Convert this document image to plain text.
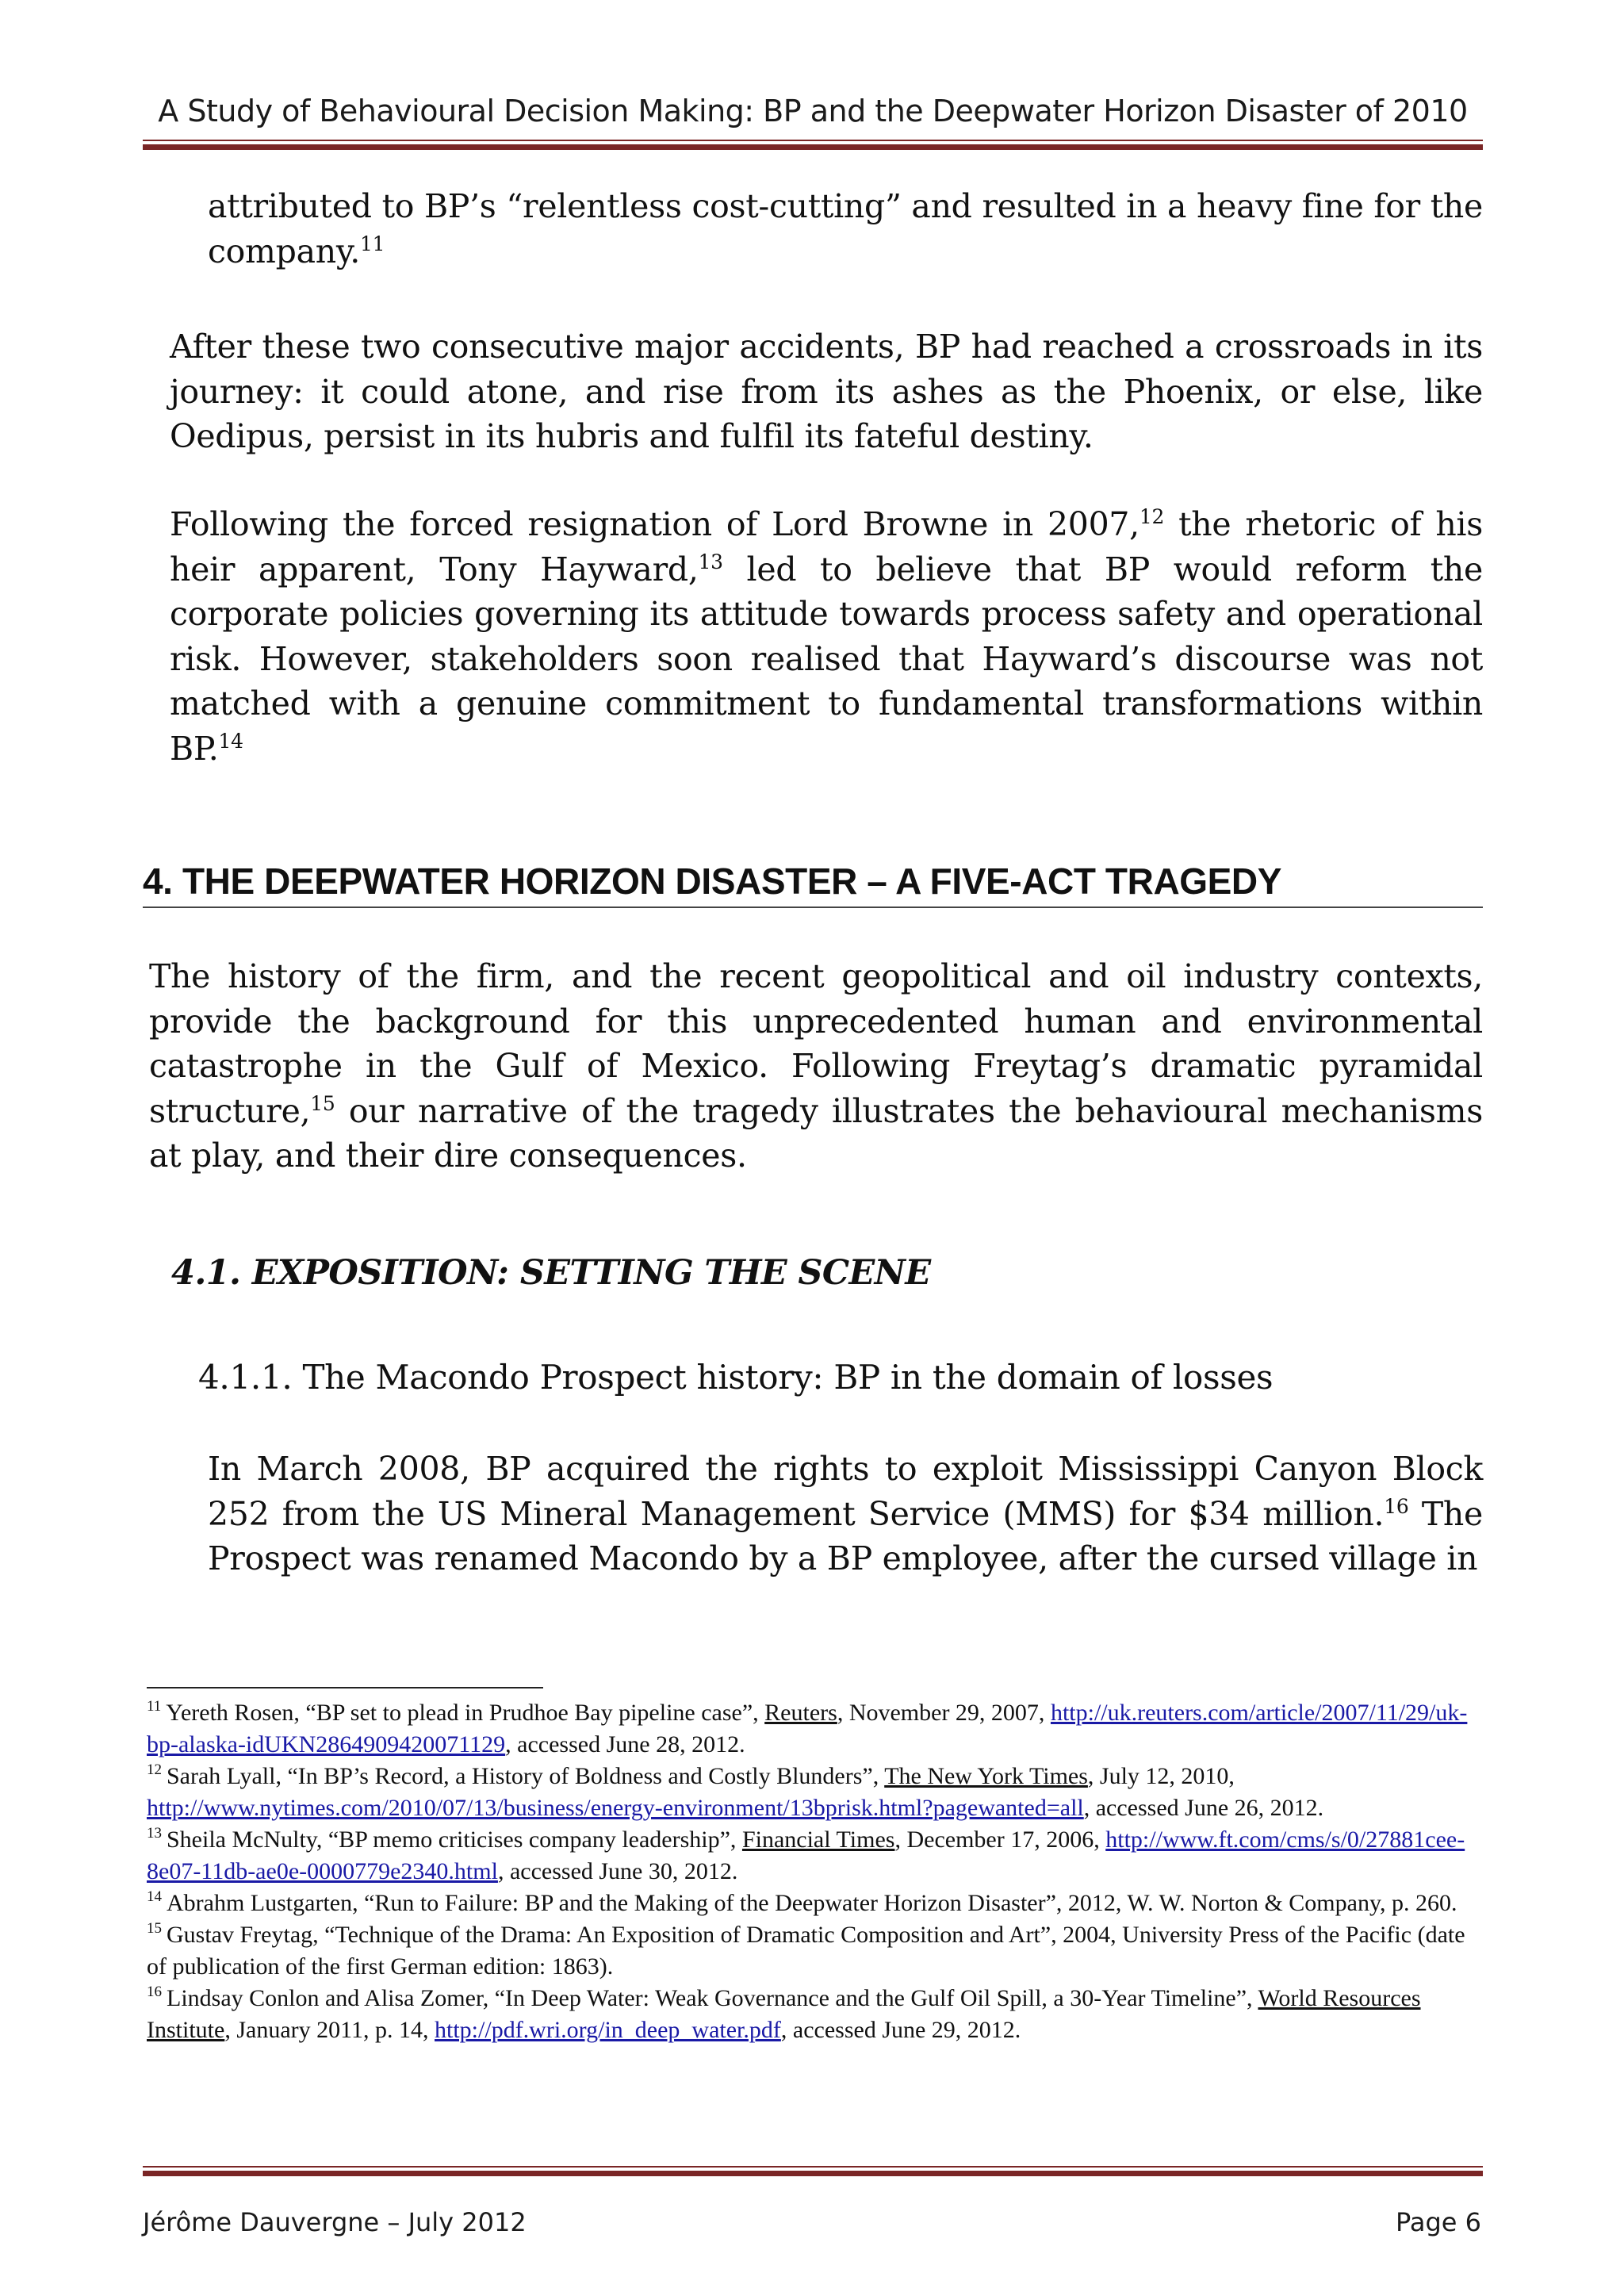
A Study of Behavioural Decision Making: BP and the Deepwater Horizon Disaster of 2010
attributed to BP’s “relentless cost-cutting” and resulted in a heavy fine for the company.$^{11}$
After these two consecutive major accidents, BP had reached a crossroads in its journey: it could atone, and rise from its ashes as the Phoenix, or else, like Oedipus, persist in its hubris and fulfil its fateful destiny.
Following the forced resignation of Lord Browne in 2007,12 the rhetoric of his heir apparent, Tony Hayward,$^{13}$ led to believe that BP would reform the corporate policies governing its attitude towards process safety and operational risk. However, stakeholders soon realised that Hayward’s discourse was not matched with a genuine commitment to fundamental transformations within BP.$^{14}$
4. THE DEEPWATER HORIZON DISASTER – A FIVE-ACT TRAGEDY
The history of the firm, and the recent geopolitical and oil industry contexts, provide the background for this unprecedented human and environmental catastrophe in the Gulf of Mexico. Following Freytag’s dramatic pyramidal structure,$^{15}$ our narrative of the tragedy illustrates the behavioural mechanisms at play, and their dire consequences.
4.1. EXPOSITION: SETTING THE SCENE
4.1.1. The Macondo Prospect history: BP in the domain of losses
In March 2008, BP acquired the rights to exploit Mississippi Canyon Block 252 from the US Mineral Management Service (MMS) for $34 million.$^{16}$ The Prospect was renamed Macondo by a BP employee, after the cursed village in

$^{11}$ Yereth Rosen, “BP set to plead in Prudhoe Bay pipeline case”, Reuters, November 29, 2007, http://uk.reuters.com/article/2007/11/29/uk-bp-alaska-idUKN2864909420071129, accessed June 28, 2012.

$^{12}$ Sarah Lyall, “In BP’s Record, a History of Boldness and Costly Blunders”, The New York Times, July 12, 2010, http://www.nytimes.com/2010/07/13/business/energy-environment/13bprisk.html?pagewanted=all, accessed June 26, 2012.

$^{13}$ Sheila McNulty, “BP memo criticises company leadership”, Financial Times, December 17, 2006, http://www.ft.com/cms/s/0/27881cee-8e07-11db-ae0e-0000779e2340.html, accessed June 30, 2012.

$^{14}$ Abrahm Lustgarten, “Run to Failure: BP and the Making of the Deepwater Horizon Disaster”, 2012, W. W. Norton & Company, p. 260.

$^{15}$ Gustav Freytag, “Technique of the Drama: An Exposition of Dramatic Composition and Art”, 2004, University Press of the Pacific (date of publication of the first German edition: 1863).

$^{16}$ Lindsay Conlon and Alisa Zomer, “In Deep Water: Weak Governance and the Gulf Oil Spill, a 30-Year Timeline”, World Resources Institute, January 2011, p. 14, http://pdf.wri.org/in_deep_water.pdf, accessed June 29, 2012.

Jérôme Dauvergne – July 2012	Page 6
